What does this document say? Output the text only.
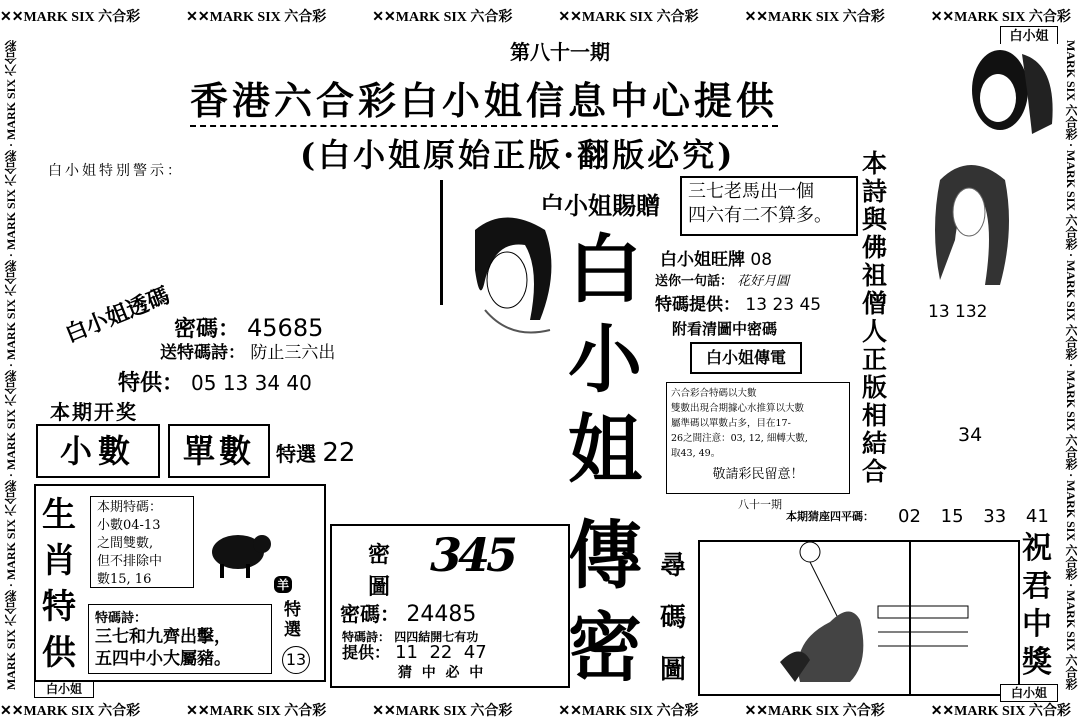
✕✕MARK SIX 六合彩	✕✕MARK SIX 六合彩	✕✕MARK SIX 六合彩	✕✕MARK SIX 六合彩	✕✕MARK SIX 六合彩	✕✕MARK SIX 六合彩
✕✕MARK SIX 六合彩	✕✕MARK SIX 六合彩	✕✕MARK SIX 六合彩	✕✕MARK SIX 六合彩	✕✕MARK SIX 六合彩	✕✕MARK SIX 六合彩
MARK SIX 六合彩 · MARK SIX 六合彩 · MARK SIX 六合彩 · MARK SIX 六合彩 · MARK SIX 六合彩 · MARK SIX 六合彩	MARK SIX 六合彩 · MARK SIX 六合彩 · MARK SIX 六合彩 · MARK SIX 六合彩 · MARK SIX 六合彩 · MARK SIX 六合彩
第八十一期
香港六合彩白小姐信息中心提供
(白小姐原始正版·翻版必究)
白小姐特別警示：
白小姐
白小姐賜贈 三七老馬出一個
四六有二不算多。
白
小
姐
傳
密
尋
碼
圖
白小姐旺牌 08
送你一句話： 花好月圓
特碼提供： 13 23 45
附看清圖中密碼
白小姐傳電
本
詩
與
佛
祖
僧
人
正
版
相
結
合
13 132
34
六合彩合特碼以大數
雙數出現合期據心水推算以大數
屬準碼以單數占多，目在17-
26之間注意：03, 12, 細轉大數,
取43, 49。
敬請彩民留意！
八十一期
本期猜座四平碼： 02 15 33 41
祝
君
中
獎
白小姐
白小姐透碼 密碼： 45685
送特碼詩： 防止三六出
特供： 05 13 34 40
本期开奖
小數	單數	特選 22
生
肖
特
供
本期特碼：
小數04-13
之間雙數,
但不排除中
數15, 16	羊
特
選
13
特碼詩：
三七和九齊出擊，
五四中小大屬豬。
白小姐
密
圖
345
密碼： 24485
特碼詩： 四四結開七有功
提供： 11  22  47
猜  中  必  中
